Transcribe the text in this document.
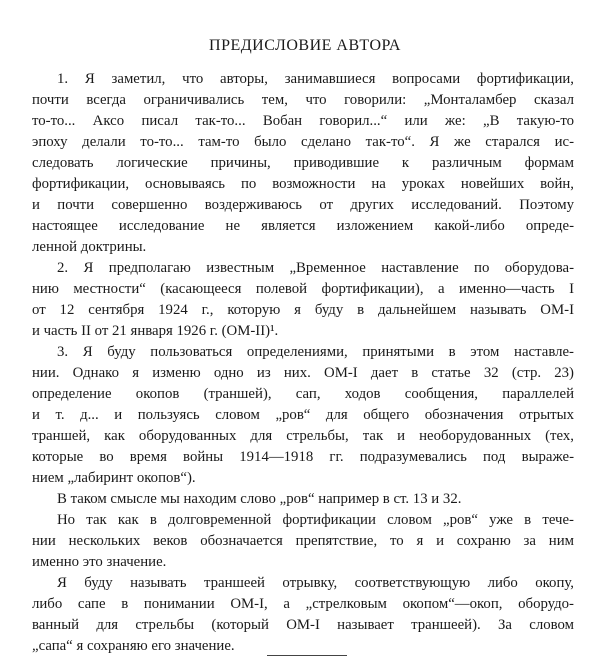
ПРЕДИСЛОВИЕ АВТОРА
1. Я заметил, что авторы, занимавшиеся вопросами фортификации,
почти всегда ограничивались тем, что говорили: „Монталамбер сказал
то-то... Аксо писал так-то... Вобан говорил...“ или же: „В такую-то
эпоху делали то-то... там-то было сделано так-то“. Я же старался ис-
следовать логические причины, приводившие к различным формам
фортификации, основываясь по возможности на уроках новейших войн,
и почти совершенно воздерживаюсь от других исследований. Поэтому
настоящее исследование не является изложением какой-либо опреде-
ленной доктрины.
2. Я предполагаю известным „Временное наставление по оборудова-
нию местности“ (касающееся полевой фортификации), а именно—часть I
от 12 сентября 1924 г., которую я буду в дальнейшем называть ОМ-I
и часть II от 21 января 1926 г. (ОМ-II)¹.
3. Я буду пользоваться определениями, принятыми в этом наставле-
нии. Однако я изменю одно из них. ОМ-I дает в статье 32 (стр. 23)
определение окопов (траншей), сап, ходов сообщения, параллелей
и т. д... и пользуясь словом „ров“ для общего обозначения отрытых
траншей, как оборудованных для стрельбы, так и необорудованных (тех,
которые во время войны 1914—1918 гг. подразумевались под выраже-
нием „лабиринт окопов“).
В таком смысле мы находим слово „ров“ например в ст. 13 и 32.
Но так как в долговременной фортификации словом „ров“ уже в тече-
нии нескольких веков обозначается препятствие, то я и сохраню за ним
именно это значение.
Я буду называть траншеей отрывку, соответствующую либо окопу,
либо сапе в понимании ОМ-I, а „стрелковым окопом“—окоп, оборудо-
ванный для стрельбы (который ОМ-I называет траншеей). За словом
„сапа“ я сохраняю его значение.
